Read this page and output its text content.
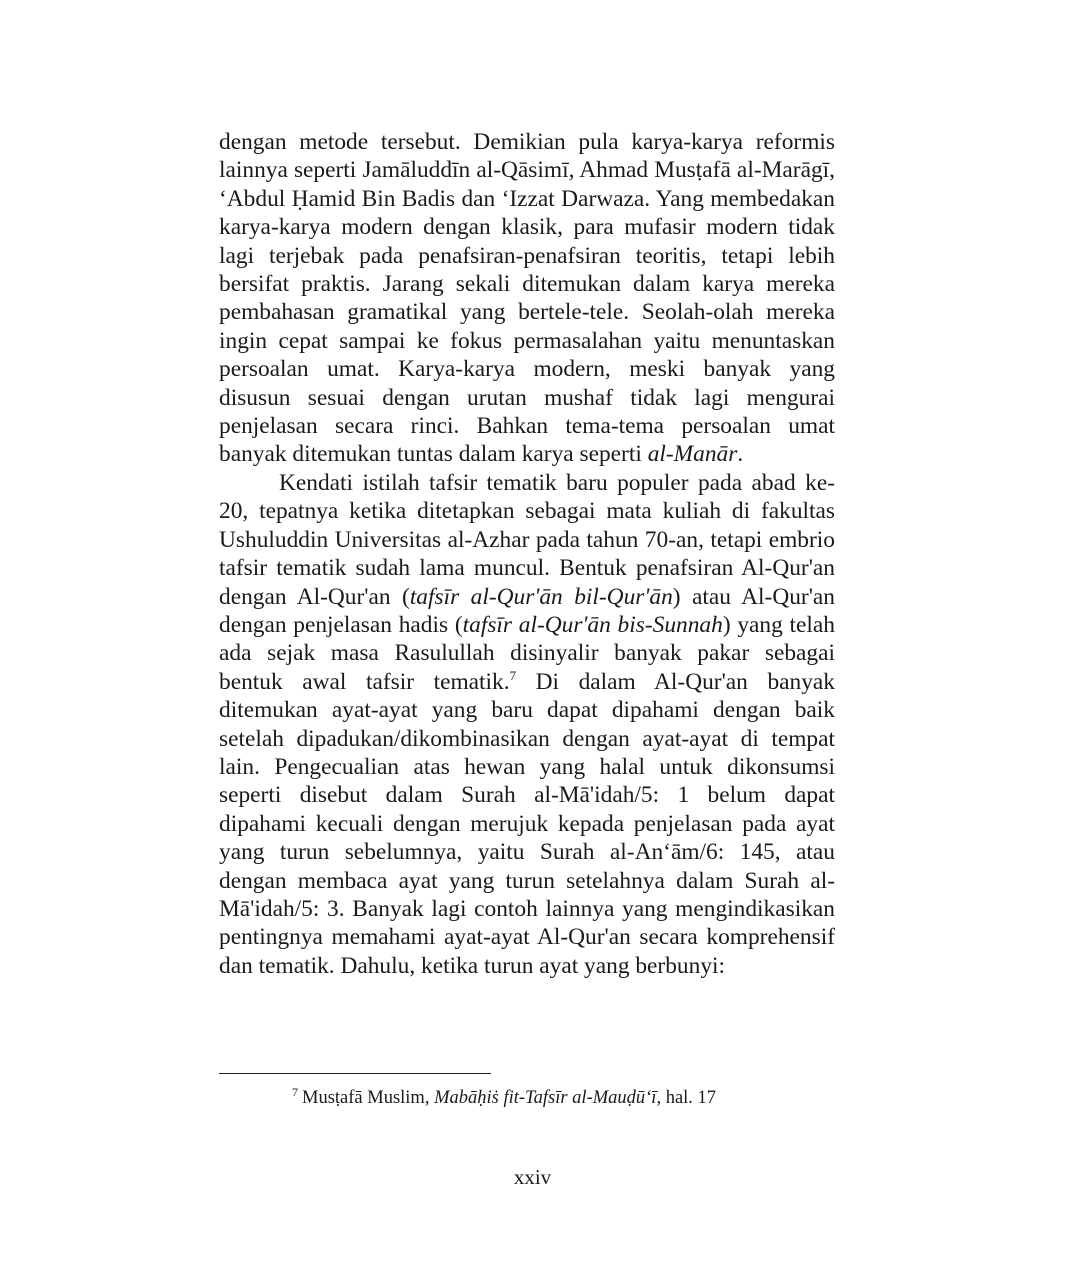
dengan metode tersebut. Demikian pula karya-karya reformis lainnya seperti Jamāluddīn al-Qāsimī, Ahmad Musṭafā al-Marāgī, ‘Abdul Ḥamid Bin Badis dan ‘Izzat Darwaza. Yang membedakan karya-karya modern dengan klasik, para mufasir modern tidak lagi terjebak pada penafsiran-penafsiran teoritis, tetapi lebih bersifat praktis. Jarang sekali ditemukan dalam karya mereka pembahasan gramatikal yang bertele-tele. Seolah-olah mereka ingin cepat sampai ke fokus permasalahan yaitu menuntaskan persoalan umat. Karya-karya modern, meski banyak yang disusun sesuai dengan urutan mushaf tidak lagi mengurai penjelasan secara rinci. Bahkan tema-tema persoalan umat banyak ditemukan tuntas dalam karya seperti al-Manār.

Kendati istilah tafsir tematik baru populer pada abad ke-20, tepatnya ketika ditetapkan sebagai mata kuliah di fakultas Ushuluddin Universitas al-Azhar pada tahun 70-an, tetapi embrio tafsir tematik sudah lama muncul. Bentuk penafsiran Al-Qur'an dengan Al-Qur'an (tafsīr al-Qur'ān bil-Qur'ān) atau Al-Qur'an dengan penjelasan hadis (tafsīr al-Qur'ān bis-Sunnah) yang telah ada sejak masa Rasulullah disinyalir banyak pakar sebagai bentuk awal tafsir tematik.$^7$ Di dalam Al-Qur'an banyak ditemukan ayat-ayat yang baru dapat dipahami dengan baik setelah dipadukan/dikombinasikan dengan ayat-ayat di tempat lain. Pengecualian atas hewan yang halal untuk dikonsumsi seperti disebut dalam Surah al-Mā'idah/5: 1 belum dapat dipahami kecuali dengan merujuk kepada penjelasan pada ayat yang turun sebelumnya, yaitu Surah al-An‘ām/6: 145, atau dengan membaca ayat yang turun setelahnya dalam Surah al-Mā'idah/5: 3. Banyak lagi contoh lainnya yang mengindikasikan pentingnya memahami ayat-ayat Al-Qur'an secara komprehensif dan tematik. Dahulu, ketika turun ayat yang berbunyi:

$^7$ Musṭafā Muslim, Mabāḥiṡ fit-Tafsīr al-Mauḍū‘ī, hal. 17
xxiv
